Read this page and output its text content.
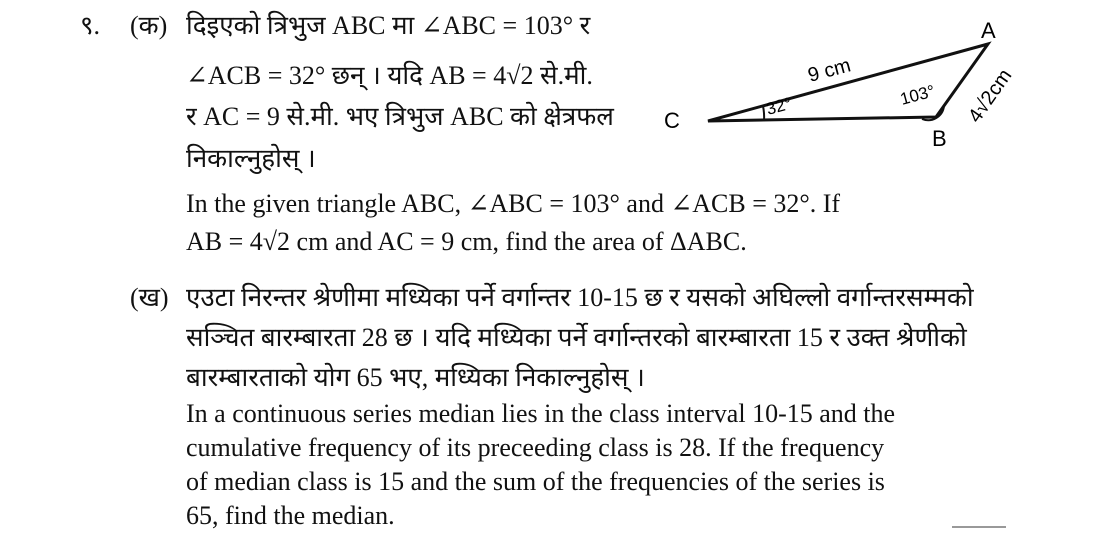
९. (क) दिइएको त्रिभुज ABC मा ∠ABC = 103° र
∠ACB = 32° छन् । यदि AB = 4√2 से.मी.
र AC = 9 से.मी. भए त्रिभुज ABC को क्षेत्रफल
निकाल्नुहोस् ।
In the given triangle ABC, ∠ABC = 103° and ∠ACB = 32°. If
AB = 4√2 cm and AC = 9 cm, find the area of ΔABC.
C
A
B
9 cm
32°	103° 4√2cm
(ख) एउटा निरन्तर श्रेणीमा मध्यिका पर्ने वर्गान्तर 10-15 छ र यसको अघिल्लो वर्गान्तरसम्मको
सञ्चित बारम्बारता 28 छ । यदि मध्यिका पर्ने वर्गान्तरको बारम्बारता 15 र उक्त श्रेणीको
बारम्बारताको योग 65 भए, मध्यिका निकाल्नुहोस् ।
In a continuous series median lies in the class interval 10-15 and the
cumulative frequency of its preceeding class is 28. If the frequency
of median class is 15 and the sum of the frequencies of the series is
65, find the median.
